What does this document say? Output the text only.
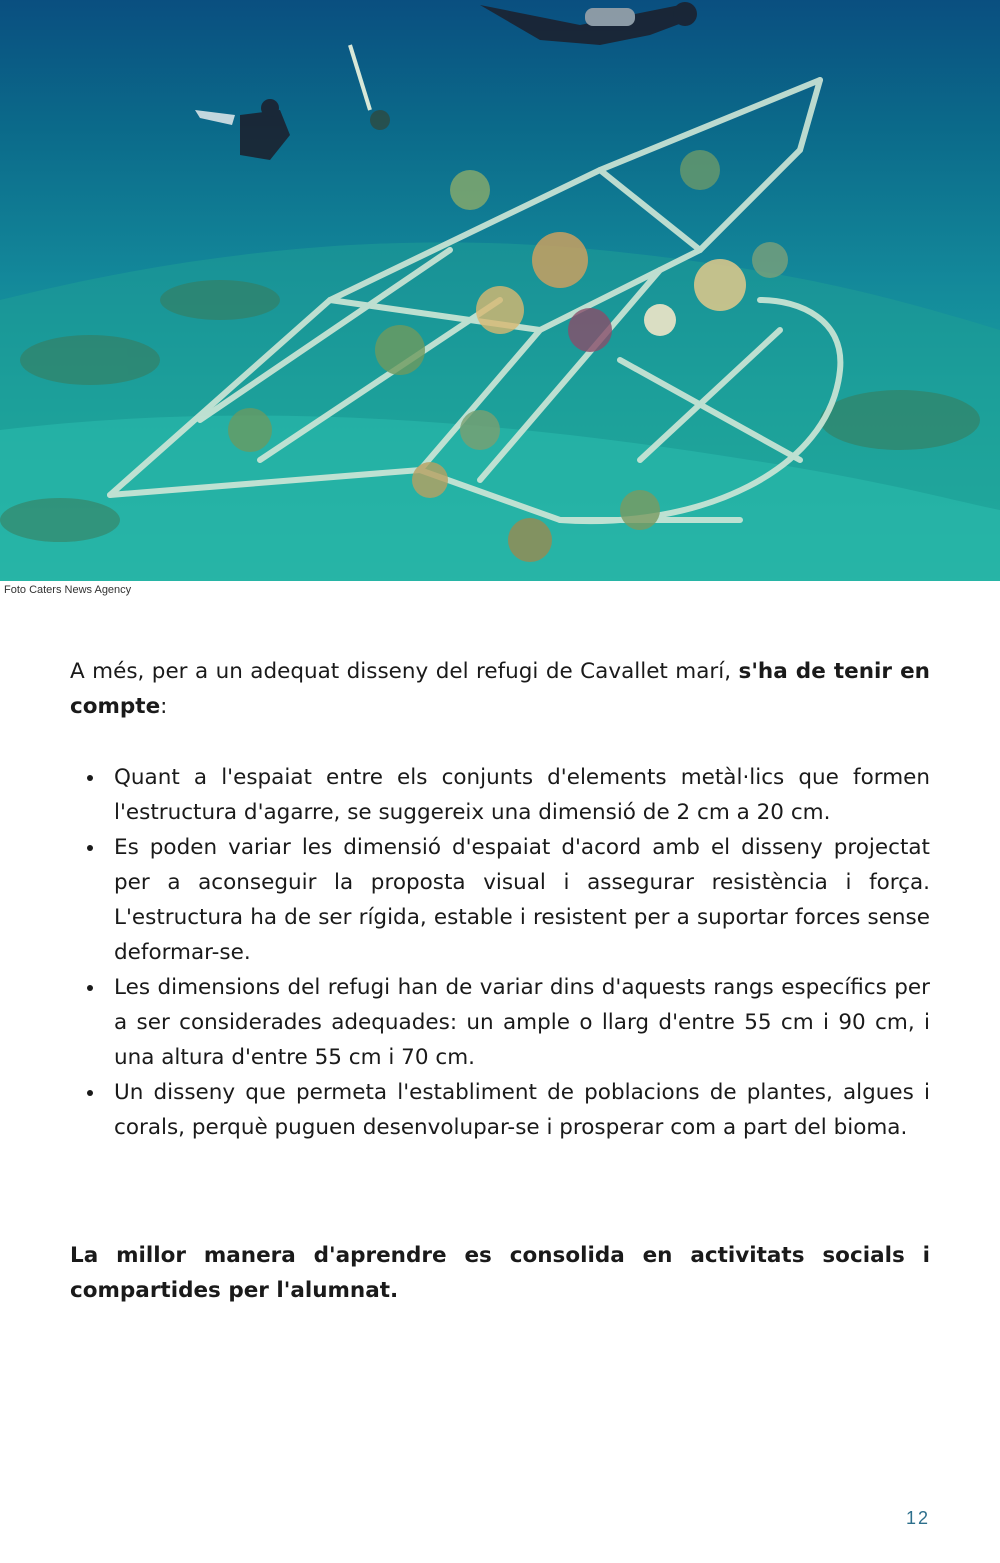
Foto Caters News Agency

A més, per a un adequat disseny del refugi de Cavallet marí, s'ha de tenir en compte:

Quant a l'espaiat entre els conjunts d'elements metàl·lics que formen l'estructura d'agarre, se suggereix una dimensió de 2 cm a 20 cm.
Es poden variar les dimensió d'espaiat d'acord amb el disseny projectat per a aconseguir la proposta visual i assegurar resistència i força. L'estructura ha de ser rígida, estable i resistent per a suportar forces sense deformar-se.
Les dimensions del refugi han de variar dins d'aquests rangs específics per a ser considerades adequades: un ample o llarg d'entre 55 cm i 90 cm, i una altura d'entre 55 cm i 70 cm.
Un disseny que permeta l'establiment de poblacions de plantes, algues i corals, perquè puguen desenvolupar-se i prosperar com a part del bioma.

La millor manera d'aprendre es consolida en activitats socials i compartides per l'alumnat.

12
